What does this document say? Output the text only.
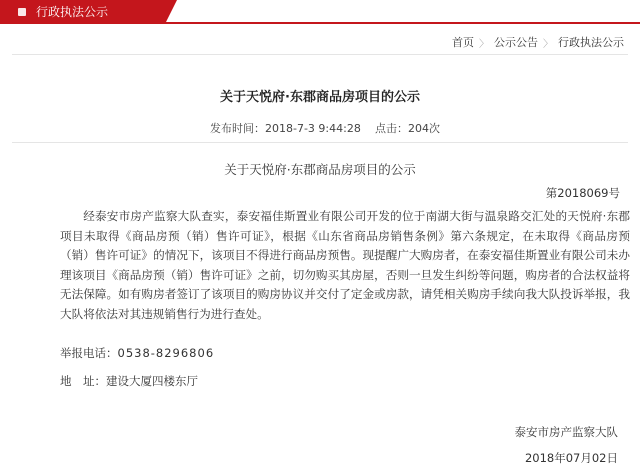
行政执法公示
首页 〉 公示公告 〉 行政执法公示
关于天悦府·东郡商品房项目的公示
发布时间：2018-7-3 9:44:28 点击：204次
关于天悦府·东郡商品房项目的公示
第2018069号

经泰安市房产监察大队查实，泰安福佳斯置业有限公司开发的位于南湖大街与温泉路交汇处的天悦府·东郡项目未取得《商品房预（销）售许可证》，根据《山东省商品房销售条例》第六条规定，在未取得《商品房预（销）售许可证》的情况下，该项目不得进行商品房预售。现提醒广大购房者，在泰安福佳斯置业有限公司未办理该项目《商品房预（销）售许可证》之前，切勿购买其房屋，否则一旦发生纠纷等问题，购房者的合法权益将无法保障。如有购房者签订了该项目的购房协议并交付了定金或房款，请凭相关购房手续向我大队投诉举报，我大队将依法对其违规销售行为进行查处。

举报电话：0538-8296806
地　址：建设大厦四楼东厅
泰安市房产监察大队
2018年07月02日
